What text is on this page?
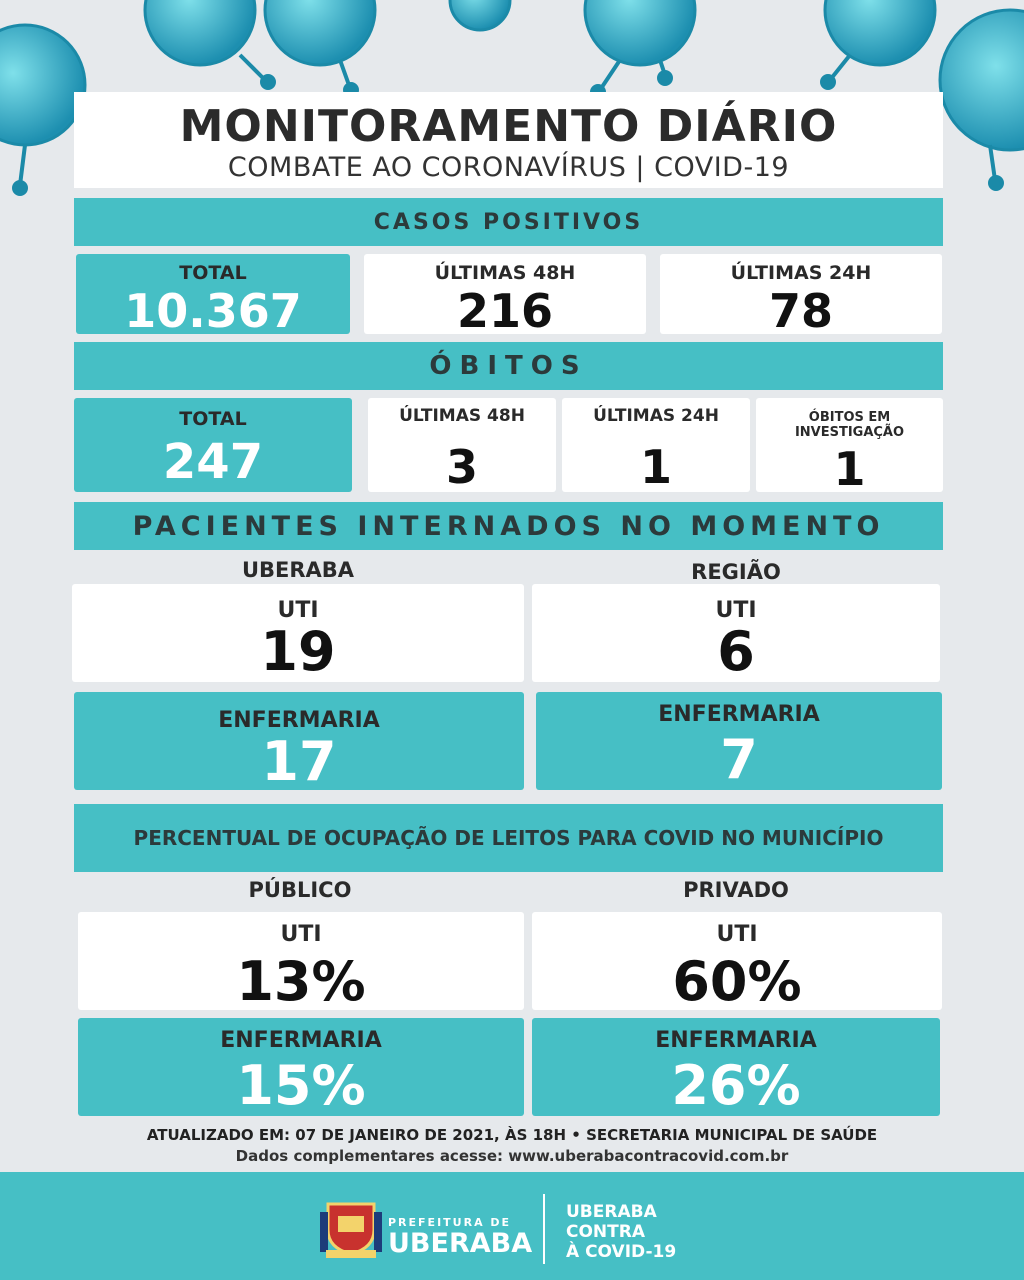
MONITORAMENTO DIÁRIO
COMBATE AO CORONAVÍRUS | COVID-19
CASOS POSITIVOS
TOTAL
10.367
ÚLTIMAS 48H
216
ÚLTIMAS 24H
78
ÓBITOS
TOTAL
247
ÚLTIMAS 48H
3
ÚLTIMAS 24H
1
ÓBITOS EM
INVESTIGAÇÃO
1
PACIENTES INTERNADOS NO MOMENTO
UBERABA	REGIÃO
UTI
19
UTI
6
ENFERMARIA
17
ENFERMARIA
7
PERCENTUAL DE OCUPAÇÃO DE LEITOS PARA COVID NO MUNICÍPIO
PÚBLICO	PRIVADO
UTI
13%
UTI
60%
ENFERMARIA
15%
ENFERMARIA
26%
ATUALIZADO EM: 07 DE JANEIRO DE 2021, ÀS 18H • SECRETARIA MUNICIPAL DE SAÚDE
Dados complementares acesse: www.uberabacontracovid.com.br
PREFEITURA DE
UBERABA
UBERABA
CONTRA
À COVID-19
